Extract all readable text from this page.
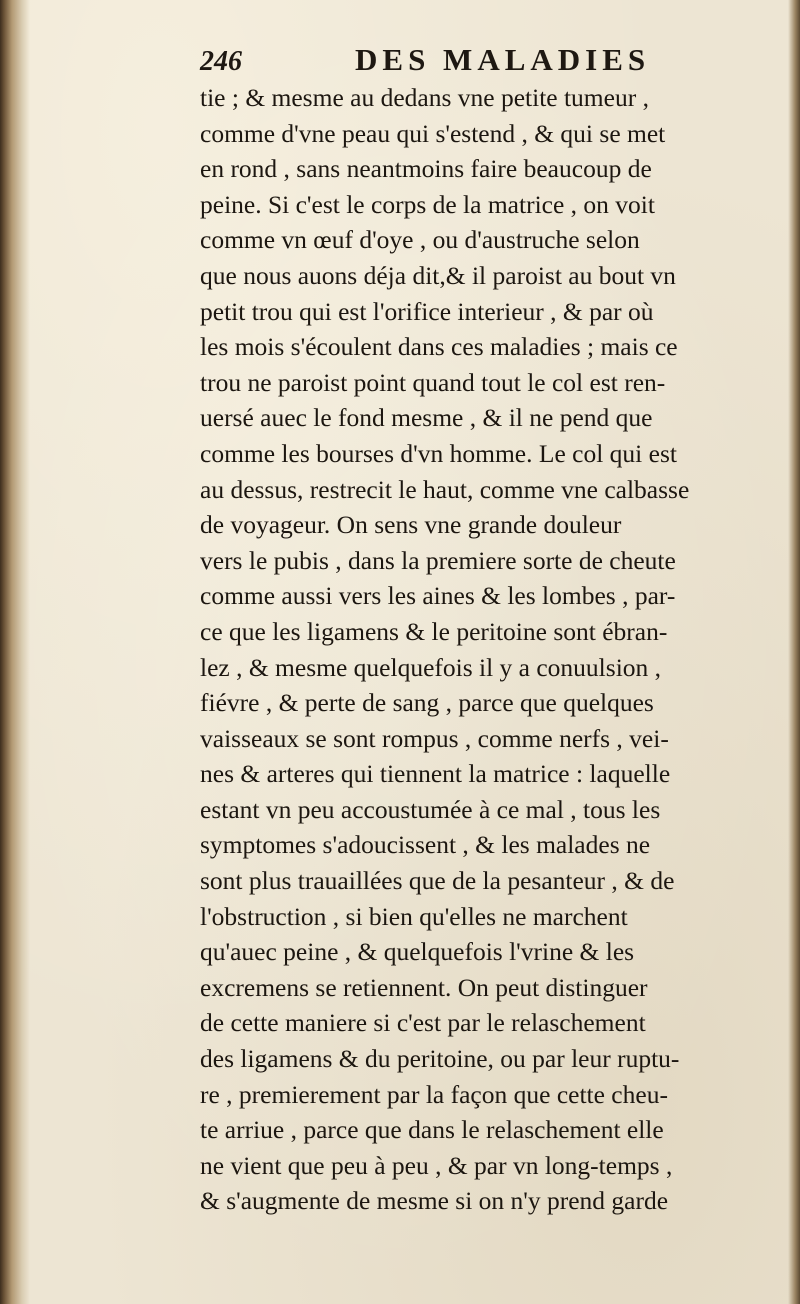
246	DES MALADIES
tie ; & mesme au dedans vne petite tumeur ,
comme d'vne peau qui s'estend , & qui se met
en rond , sans neantmoins faire beaucoup de
peine. Si c'est le corps de la matrice , on voit
comme vn œuf d'oye , ou d'austruche selon
que nous auons déja dit,& il paroist au bout vn
petit trou qui est l'orifice interieur , & par où
les mois s'écoulent dans ces maladies ; mais ce
trou ne paroist point quand tout le col est ren-
uersé auec le fond mesme , & il ne pend que
comme les bourses d'vn homme. Le col qui est
au dessus, restrecit le haut, comme vne calbasse
de voyageur. On sens vne grande douleur
vers le pubis , dans la premiere sorte de cheute
comme aussi vers les aines & les lombes , par-
ce que les ligamens & le peritoine sont ébran-
lez , & mesme quelquefois il y a conuulsion ,
fiévre , & perte de sang , parce que quelques
vaisseaux se sont rompus , comme nerfs , vei-
nes & arteres qui tiennent la matrice : laquelle
estant vn peu accoustumée à ce mal , tous les
symptomes s'adoucissent , & les malades ne
sont plus trauaillées que de la pesanteur , & de
l'obstruction , si bien qu'elles ne marchent
qu'auec peine , & quelquefois l'vrine & les
excremens se retiennent. On peut distinguer
de cette maniere si c'est par le relaschement
des ligamens & du peritoine, ou par leur ruptu-
re , premierement par la façon que cette cheu-
te arriue , parce que dans le relaschement elle
ne vient que peu à peu , & par vn long-temps ,
& s'augmente de mesme si on n'y prend garde
